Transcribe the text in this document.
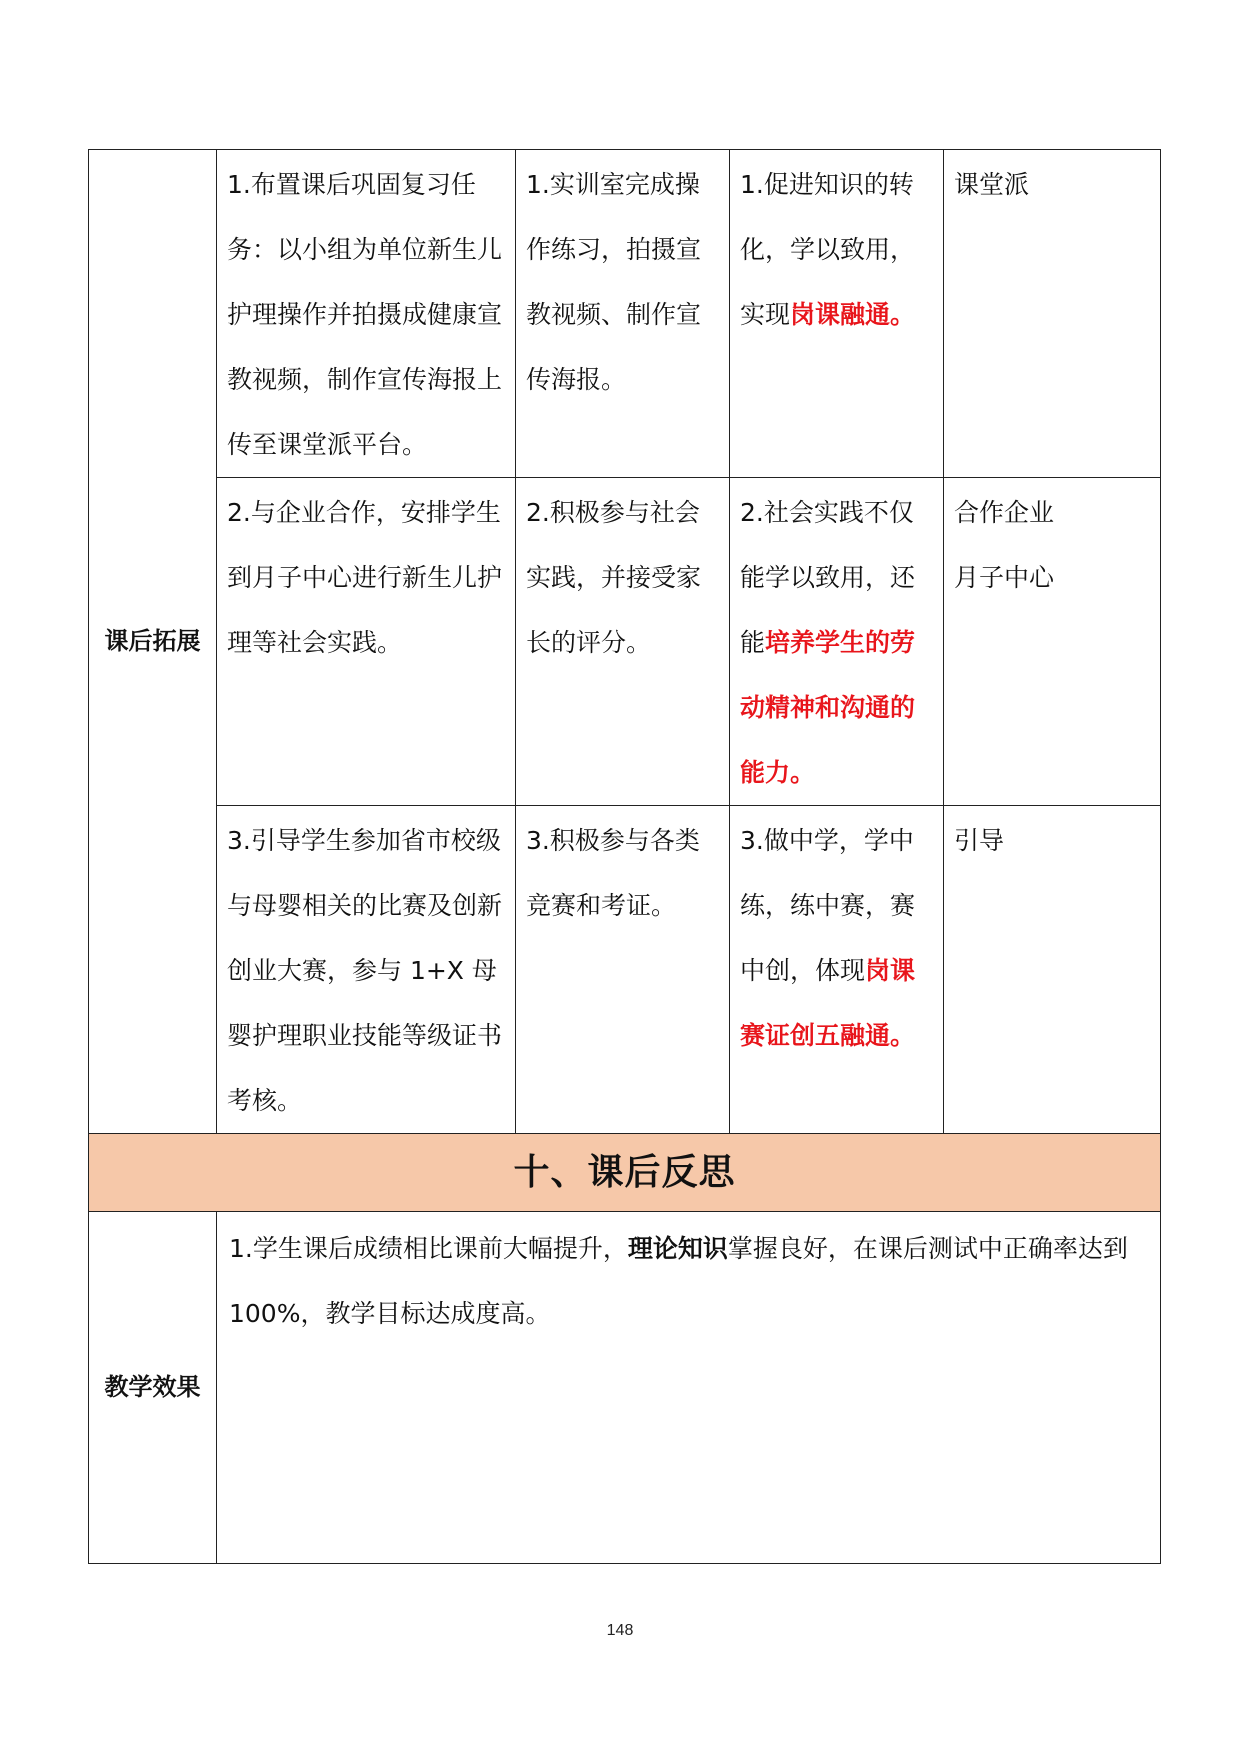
课后拓展	1.布置课后巩固复习任务：以小组为单位新生儿护理操作并拍摄成健康宣教视频，制作宣传海报上传至课堂派平台。	1.实训室完成操作练习，拍摄宣教视频、制作宣传海报。	1.促进知识的转化，学以致用，实现岗课融通。	课堂派
	2.与企业合作，安排学生到月子中心进行新生儿护理等社会实践。	2.积极参与社会实践，并接受家长的评分。	2.社会实践不仅能学以致用，还能培养学生的劳动精神和沟通的能力。	合作企业
月子中心

	3.引导学生参加省市校级与母婴相关的比赛及创新创业大赛，参与 1+X 母婴护理职业技能等级证书考核。	3.积极参与各类竞赛和考证。	3.做中学，学中练，练中赛，赛中创，体现岗课赛证创五融通。	引导
十、课后反思				
教学效果	1.学生课后成绩相比课前大幅提升，理论知识掌握良好，在课后测试中正确率达到100%，教学目标达成度高。			
148
